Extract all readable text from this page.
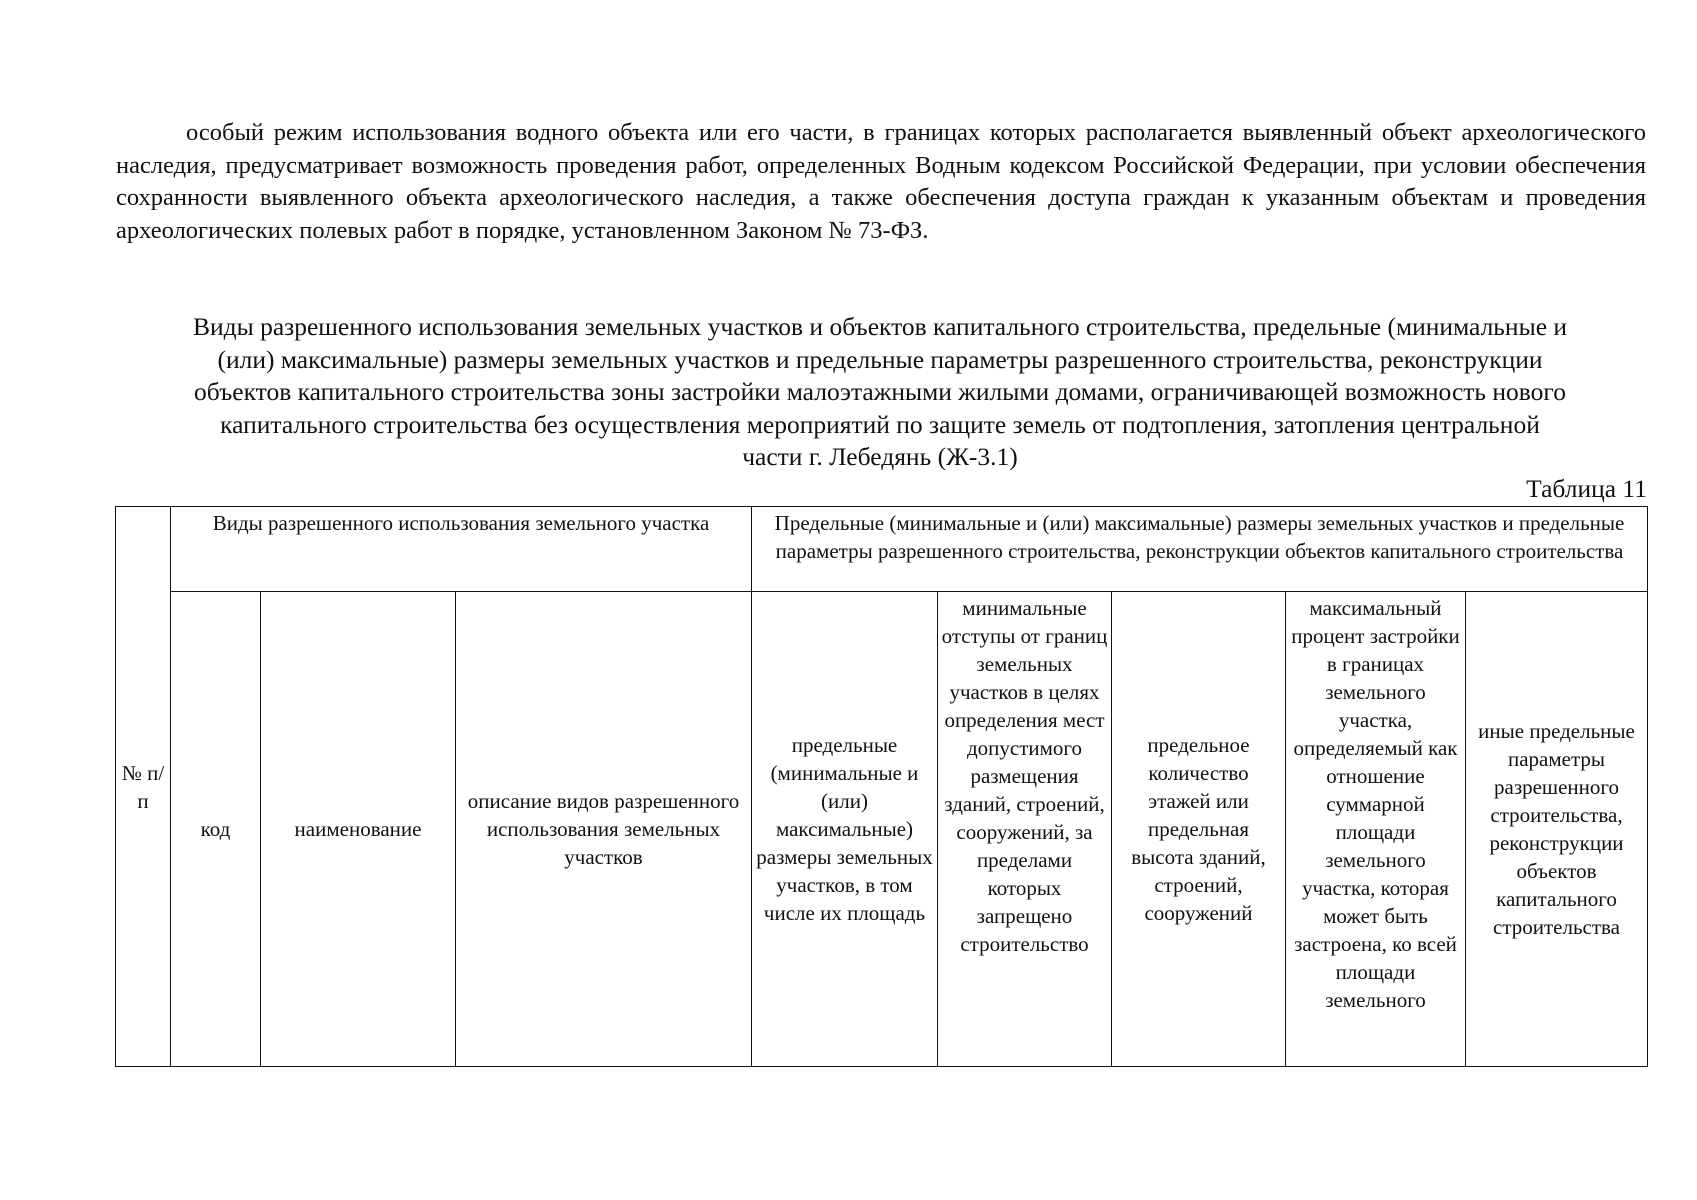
особый режим использования водного объекта или его части, в границах которых располагается выявленный объект археологического наследия, предусматривает возможность проведения работ, определенных Водным кодексом Российской Федерации, при условии обеспечения сохранности выявленного объекта археологического наследия, а также обеспечения доступа граждан к указанным объектам и проведения археологических полевых работ в порядке, установленном Законом № 73-ФЗ.

Виды разрешенного использования земельных участков и объектов капитального строительства, предельные (минимальные и
(или) максимальные) размеры земельных участков и предельные параметры разрешенного строительства, реконструкции
объектов капитального строительства зоны застройки малоэтажными жилыми домами, ограничивающей возможность нового
капитального строительства без осуществления мероприятий по защите земель от подтопления, затопления центральной
части г. Лебедянь (Ж-3.1)
Таблица 11
№ п/п	Виды разрешенного использования земельного участка			Предельные (минимальные и (или) максимальные) размеры земельных участков и предельные параметры разрешенного строительства, реконструкции объектов капитального строительства				
	код	наименование	описание видов разрешенного использования земельных участков	предельные (минимальные и (или) максимальные) размеры земельных участков, в том числе их площадь	минимальные отступы от границ земельных участков в целях определения мест допустимого размещения зданий, строений, сооружений, за пределами которых запрещено строительство	предельное количество этажей или предельная высота зданий, строений, сооружений	максимальный процент застройки в границах земельного участка, определяемый как отношение суммарной площади земельного участка, которая может быть застроена, ко всей площади земельного	иные предельные параметры разрешенного строительства, реконструкции объектов капитального строительства
